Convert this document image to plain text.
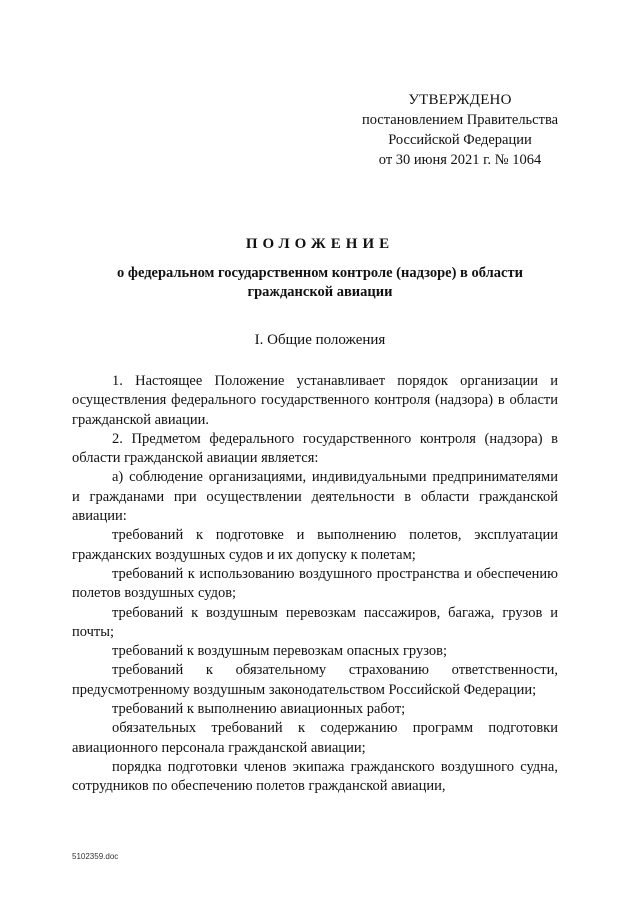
УТВЕРЖДЕНО
постановлением Правительства
Российской Федерации
от 30 июня 2021 г. № 1064
ПОЛОЖЕНИЕ
о федеральном государственном контроле (надзоре) в области гражданской авиации
I. Общие положения

1. Настоящее Положение устанавливает порядок организации и осуществления федерального государственного контроля (надзора) в области гражданской авиации.

2. Предметом федерального государственного контроля (надзора) в области гражданской авиации является:

а) соблюдение организациями, индивидуальными предпринимателями и гражданами при осуществлении деятельности в области гражданской авиации:

требований к подготовке и выполнению полетов, эксплуатации гражданских воздушных судов и их допуску к полетам;

требований к использованию воздушного пространства и обеспечению полетов воздушных судов;

требований к воздушным перевозкам пассажиров, багажа, грузов и почты;

требований к воздушным перевозкам опасных грузов;

требований к обязательному страхованию ответственности, предусмотренному воздушным законодательством Российской Федерации;

требований к выполнению авиационных работ;

обязательных требований к содержанию программ подготовки авиационного персонала гражданской авиации;

порядка подготовки членов экипажа гражданского воздушного судна, сотрудников по обеспечению полетов гражданской авиации,

5102359.doc
